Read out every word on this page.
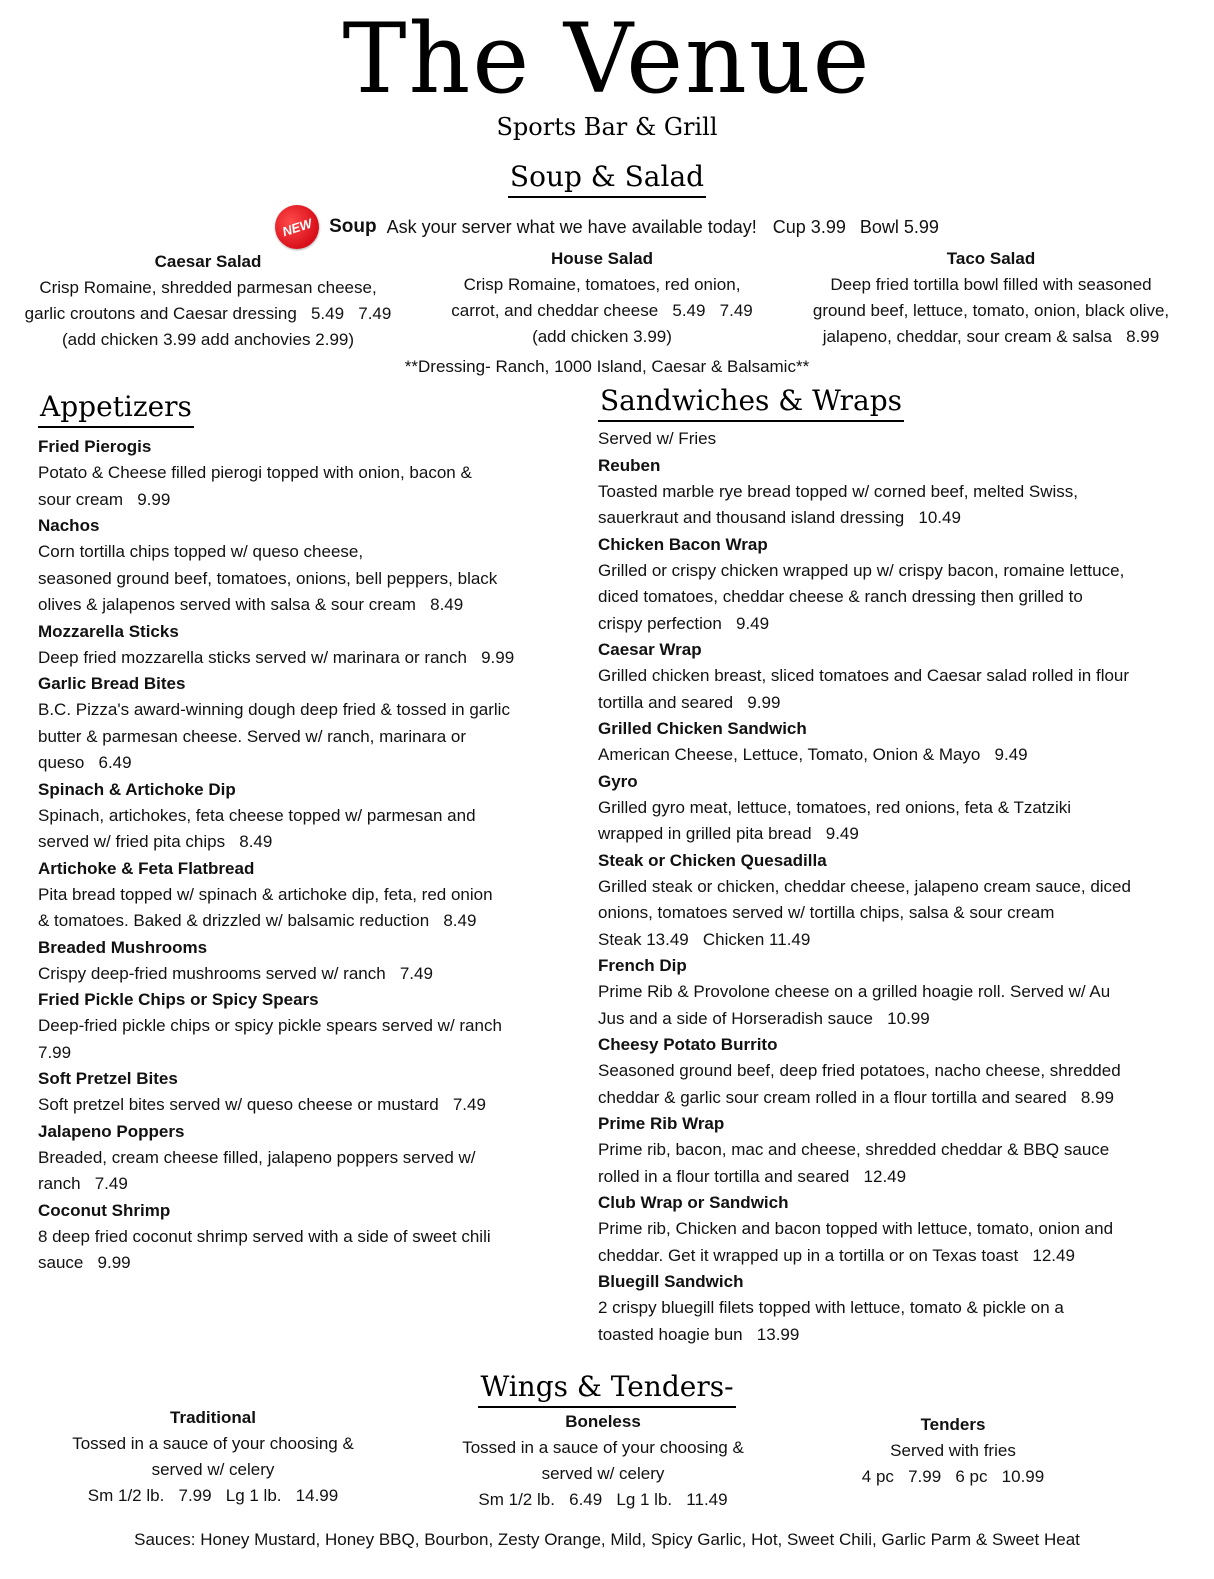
The Venue
Sports Bar & Grill
Soup & Salad
NEW Soup Ask your server what we have available today! Cup 3.99 Bowl 5.99
Caesar Salad
Crisp Romaine, shredded parmesan cheese,
garlic croutons and Caesar dressing   5.49   7.49
(add chicken 3.99 add anchovies 2.99)
House Salad
Crisp Romaine, tomatoes, red onion,
carrot, and cheddar cheese   5.49   7.49
(add chicken 3.99)
Taco Salad
Deep fried tortilla bowl filled with seasoned
ground beef, lettuce, tomato, onion, black olive,
jalapeno, cheddar, sour cream & salsa   8.99
**Dressing- Ranch, 1000 Island, Caesar & Balsamic**
Appetizers
Fried Pierogis
Potato & Cheese filled pierogi topped with onion, bacon &
sour cream   9.99
Nachos
Corn tortilla chips topped w/ queso cheese,
seasoned ground beef, tomatoes, onions, bell peppers, black
olives & jalapenos served with salsa & sour cream   8.49
Mozzarella Sticks
Deep fried mozzarella sticks served w/ marinara or ranch   9.99
Garlic Bread Bites
B.C. Pizza's award-winning dough deep fried & tossed in garlic
butter & parmesan cheese. Served w/ ranch, marinara or
queso   6.49
Spinach & Artichoke Dip
Spinach, artichokes, feta cheese topped w/ parmesan and
served w/ fried pita chips   8.49
Artichoke & Feta Flatbread
Pita bread topped w/ spinach & artichoke dip, feta, red onion
& tomatoes. Baked & drizzled w/ balsamic reduction   8.49
Breaded Mushrooms
Crispy deep-fried mushrooms served w/ ranch   7.49
Fried Pickle Chips or Spicy Spears
Deep-fried pickle chips or spicy pickle spears served w/ ranch
7.99
Soft Pretzel Bites
Soft pretzel bites served w/ queso cheese or mustard   7.49
Jalapeno Poppers
Breaded, cream cheese filled, jalapeno poppers served w/
ranch   7.49
Coconut Shrimp
8 deep fried coconut shrimp served with a side of sweet chili
sauce   9.99
Sandwiches & Wraps
Served w/ Fries
Reuben
Toasted marble rye bread topped w/ corned beef, melted Swiss,
sauerkraut and thousand island dressing   10.49
Chicken Bacon Wrap
Grilled or crispy chicken wrapped up w/ crispy bacon, romaine lettuce,
diced tomatoes, cheddar cheese & ranch dressing then grilled to
crispy perfection   9.49
Caesar Wrap
Grilled chicken breast, sliced tomatoes and Caesar salad rolled in flour
tortilla and seared   9.99
Grilled Chicken Sandwich
American Cheese, Lettuce, Tomato, Onion & Mayo   9.49
Gyro
Grilled gyro meat, lettuce, tomatoes, red onions, feta & Tzatziki
wrapped in grilled pita bread   9.49
Steak or Chicken Quesadilla
Grilled steak or chicken, cheddar cheese, jalapeno cream sauce, diced
onions, tomatoes served w/ tortilla chips, salsa & sour cream
Steak 13.49   Chicken 11.49
French Dip
Prime Rib & Provolone cheese on a grilled hoagie roll. Served w/ Au
Jus and a side of Horseradish sauce   10.99
Cheesy Potato Burrito
Seasoned ground beef, deep fried potatoes, nacho cheese, shredded
cheddar & garlic sour cream rolled in a flour tortilla and seared   8.99
Prime Rib Wrap
Prime rib, bacon, mac and cheese, shredded cheddar & BBQ sauce
rolled in a flour tortilla and seared   12.49
Club Wrap or Sandwich
Prime rib, Chicken and bacon topped with lettuce, tomato, onion and
cheddar. Get it wrapped up in a tortilla or on Texas toast   12.49
Bluegill Sandwich
2 crispy bluegill filets topped with lettuce, tomato & pickle on a
toasted hoagie bun   13.99
Wings & Tenders-
Traditional
Tossed in a sauce of your choosing &
served w/ celery
Sm 1/2 lb.   7.99   Lg 1 lb.   14.99
Boneless
Tossed in a sauce of your choosing &
served w/ celery
Sm 1/2 lb.   6.49   Lg 1 lb.   11.49
Tenders
Served with fries
4 pc   7.99   6 pc   10.99
Sauces: Honey Mustard, Honey BBQ, Bourbon, Zesty Orange, Mild, Spicy Garlic, Hot, Sweet Chili, Garlic Parm & Sweet Heat
